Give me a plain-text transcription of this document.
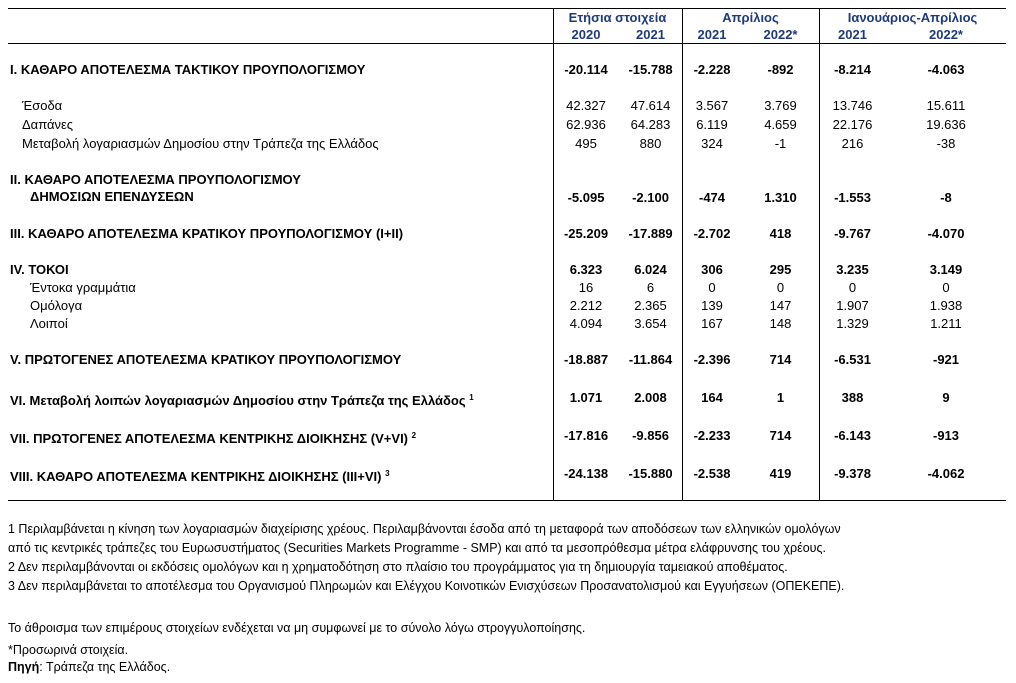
Ετήσια στοιχεία	Απρίλιος	Ιανουάριος-Απρίλιος
2020	2021	2021	2022*	2021	2022*
I. ΚΑΘΑΡΟ ΑΠΟΤΕΛΕΣΜΑ ΤΑΚΤΙΚΟΥ ΠΡΟΥΠΟΛΟΓΙΣΜΟΥ	-20.114	-15.788	-2.228	-892	-8.214	-4.063
Έσοδα	42.327	47.614	3.567	3.769	13.746	15.611
Δαπάνες	62.936	64.283	6.119	4.659	22.176	19.636
Μεταβολή λογαριασμών Δημοσίου στην Τράπεζα της Ελλάδος	495	880	324	-1	216	-38
II. ΚΑΘΑΡΟ ΑΠΟΤΕΛΕΣΜΑ ΠΡΟΥΠΟΛΟΓΙΣΜΟΥ
ΔΗΜΟΣΙΩΝ ΕΠΕΝΔΥΣΕΩΝ	-5.095	-2.100	-474	1.310	-1.553	-8
III. ΚΑΘΑΡΟ ΑΠΟΤΕΛΕΣΜΑ ΚΡΑΤΙΚΟΥ ΠΡΟΥΠΟΛΟΓΙΣΜΟΥ (I+II)	-25.209	-17.889	-2.702	418	-9.767	-4.070
IV. ΤΟΚΟΙ	6.323	6.024	306	295	3.235	3.149
Έντοκα γραμμάτια	16	6	0	0	0	0
Ομόλογα	2.212	2.365	139	147	1.907	1.938
Λοιποί	4.094	3.654	167	148	1.329	1.211
V. ΠΡΩΤΟΓΕΝΕΣ ΑΠΟΤΕΛΕΣΜΑ ΚΡΑΤΙΚΟΥ ΠΡΟΥΠΟΛΟΓΙΣΜΟΥ	-18.887	-11.864	-2.396	714	-6.531	-921
VI. Μεταβολή λοιπών λογαριασμών Δημοσίου στην Τράπεζα της Ελλάδος $^1$	1.071	2.008	164	1	388	9
VII. ΠΡΩΤΟΓΕΝΕΣ ΑΠΟΤΕΛΕΣΜΑ ΚΕΝΤΡΙΚΗΣ ΔΙΟΙΚΗΣΗΣ (V+VI) $^2$	-17.816	-9.856	-2.233	714	-6.143	-913
VIII. ΚΑΘΑΡΟ ΑΠΟΤΕΛΕΣΜΑ ΚΕΝΤΡΙΚΗΣ ΔΙΟΙΚΗΣΗΣ (III+VI) $^3$	-24.138	-15.880	-2.538	419	-9.378	-4.062
1 Περιλαμβάνεται η κίνηση των λογαριασμών διαχείρισης χρέους. Περιλαμβάνονται έσοδα από τη μεταφορά των αποδόσεων των ελληνικών ομολόγων
από τις κεντρικές τράπεζες του Ευρωσυστήματος (Securities Markets Programme - SMP) και από τα μεσοπρόθεσμα μέτρα ελάφρυνσης του χρέους.
2 Δεν περιλαμβάνονται οι εκδόσεις ομολόγων και η χρηματοδότηση στο πλαίσιο του προγράμματος για τη δημιουργία ταμειακού αποθέματος.
3 Δεν περιλαμβάνεται το αποτέλεσμα του Οργανισμού Πληρωμών και Ελέγχου Κοινοτικών Ενισχύσεων Προσανατολισμού και Εγγυήσεων (ΟΠΕΚΕΠΕ).
Το άθροισμα των επιμέρους στοιχείων ενδέχεται να μη συμφωνεί με το σύνολο λόγω στρογγυλοποίησης.
*Προσωρινά στοιχεία.
Πηγή: Τράπεζα της Ελλάδος.
